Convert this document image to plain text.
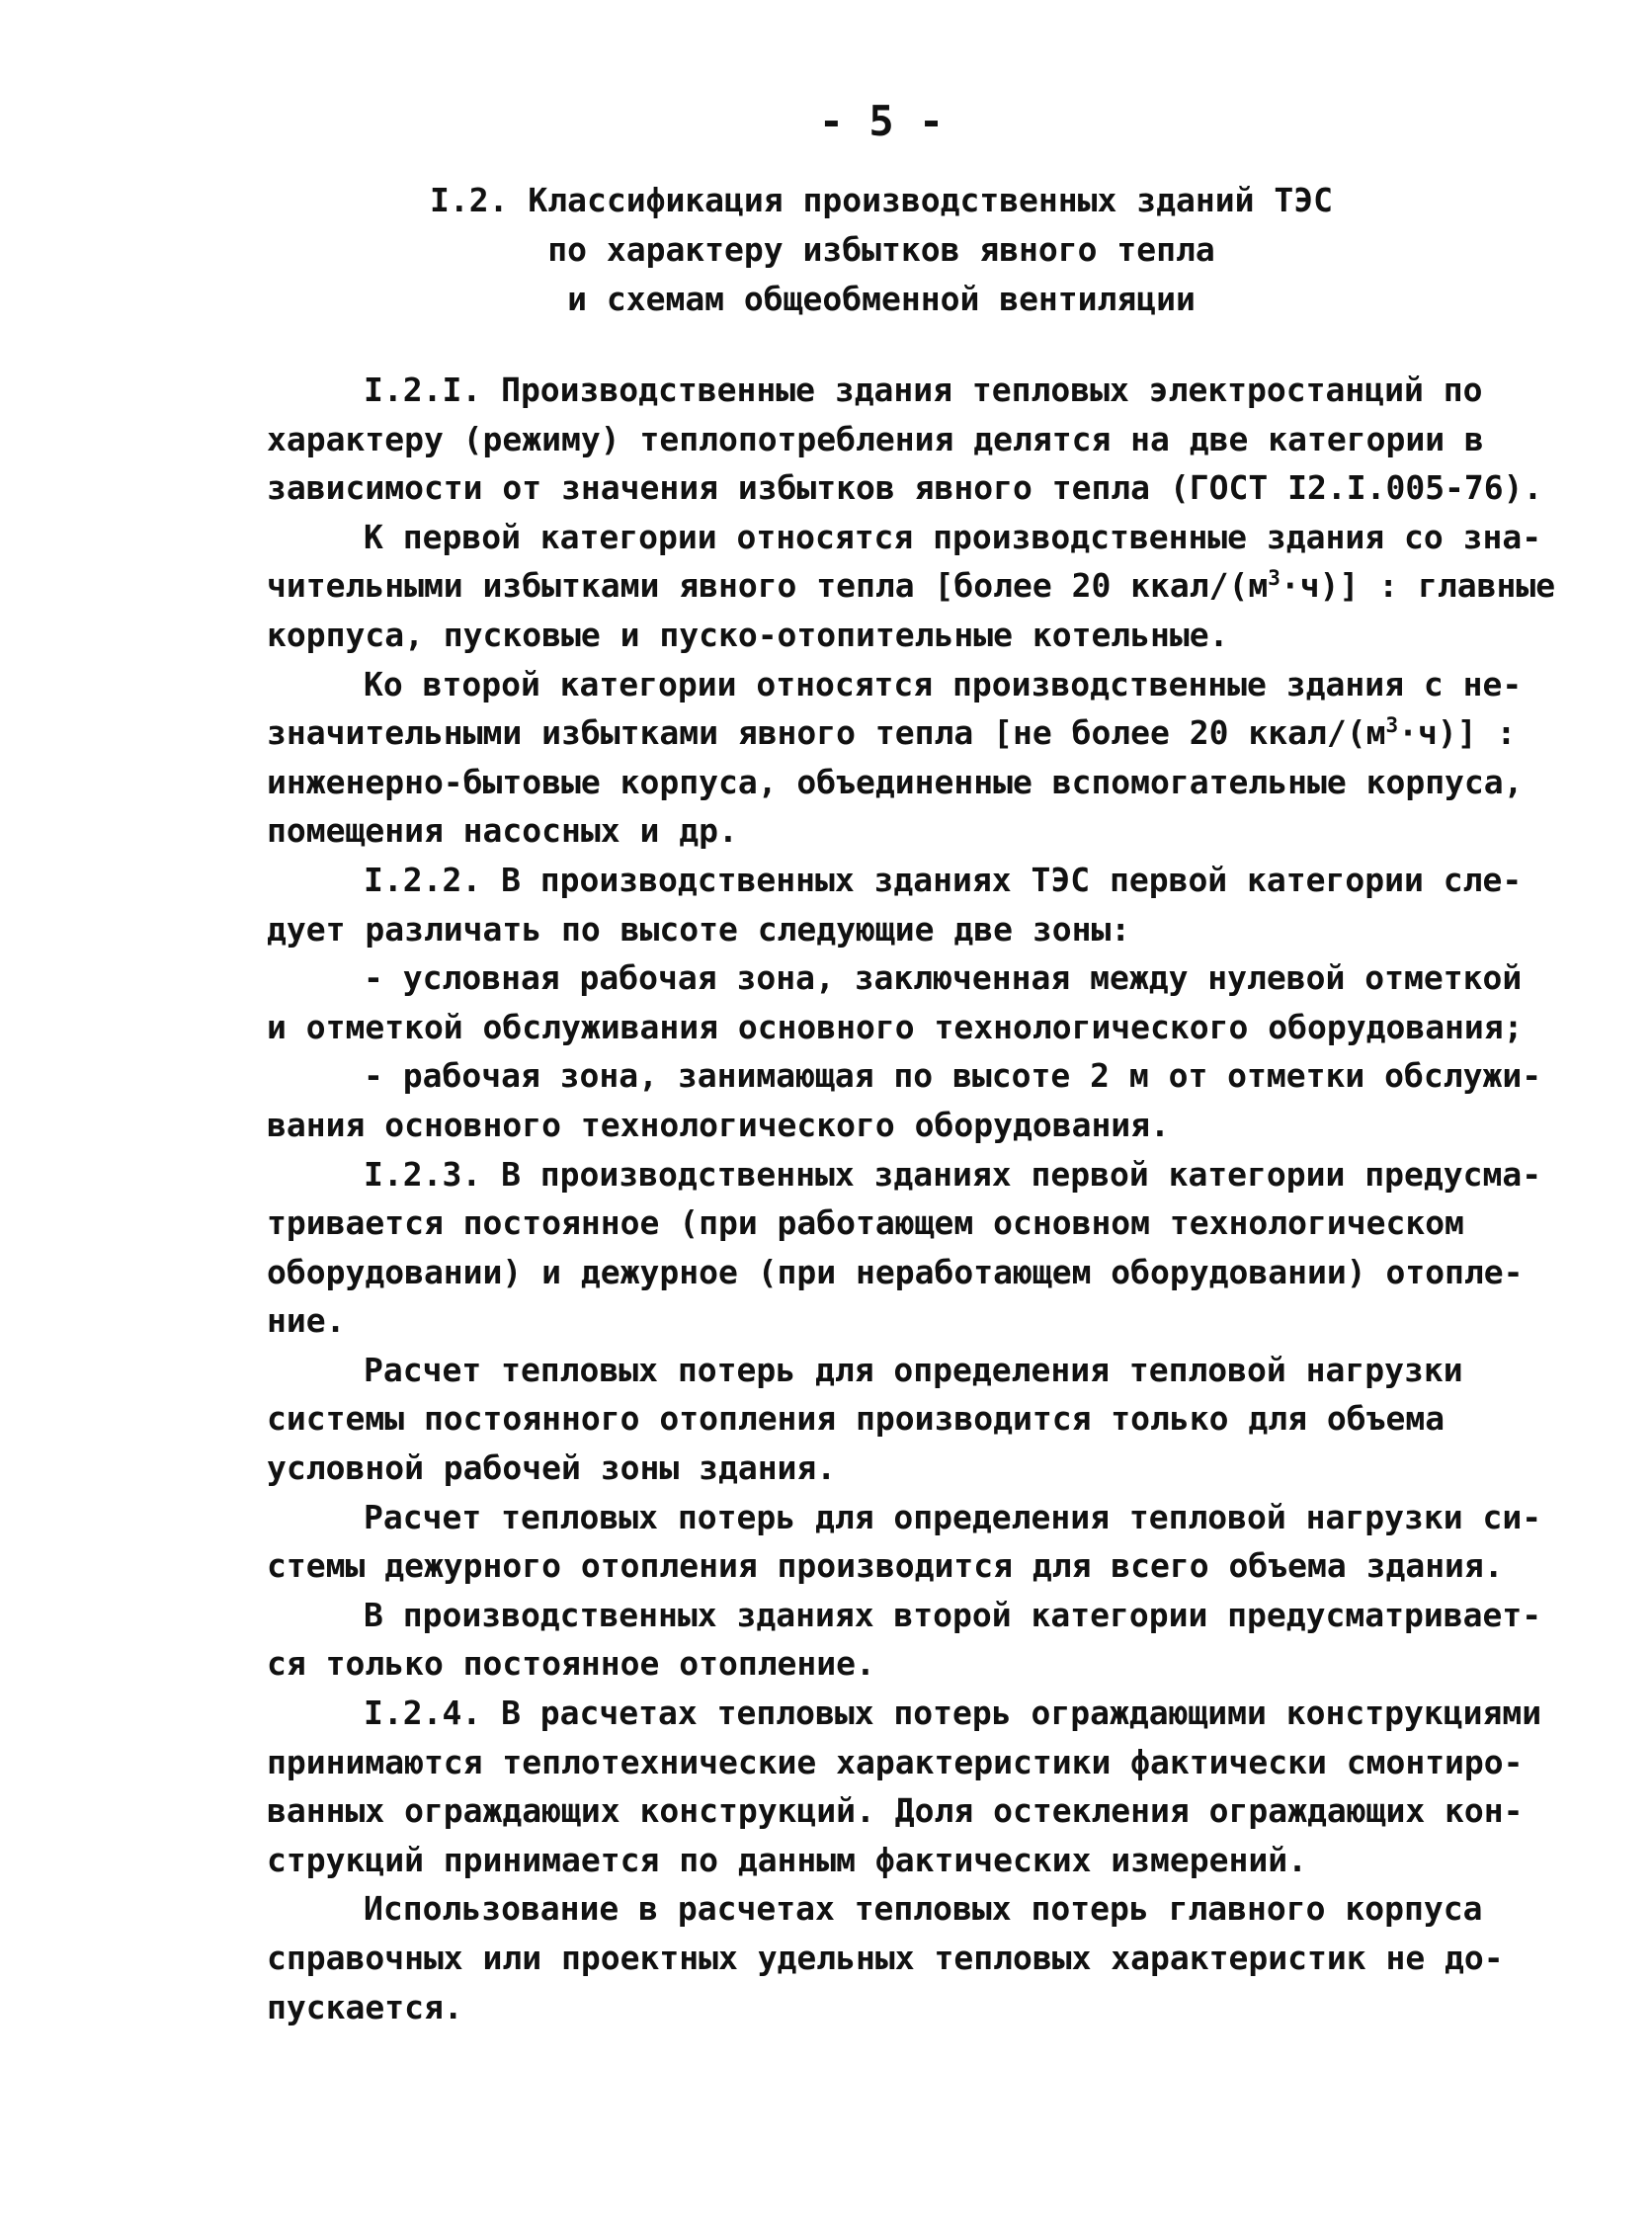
- 5 -
I.2. Классификация производственных зданий ТЭС
по характеру избытков явного тепла
и схемам общеобменной вентиляции
I.2.I. Производственные здания тепловых электростанций по
характеру (режиму) теплопотребления делятся на две категории в
зависимости от значения избытков явного тепла (ГОСТ I2.I.005-76).
К первой категории относятся производственные здания со зна-
чительными избытками явного тепла [более 20 ккал/$(м^3\cdot ч)$] : главные
корпуса, пусковые и пуско-отопительные котельные.
Ко второй категории относятся производственные здания с не-
значительными избытками явного тепла [не более 20 ккал/$(м^3\cdot ч)$] :
инженерно-бытовые корпуса, объединенные вспомогательные корпуса,
помещения насосных и др.
I.2.2. В производственных зданиях ТЭС первой категории сле-
дует различать по высоте следующие две зоны:
- условная рабочая зона, заключенная между нулевой отметкой
и отметкой обслуживания основного технологического оборудования;
- рабочая зона, занимающая по высоте 2 м от отметки обслужи-
вания основного технологического оборудования.
I.2.3. В производственных зданиях первой категории предусма-
тривается постоянное (при работающем основном технологическом
оборудовании) и дежурное (при неработающем оборудовании) отопле-
ние.
Расчет тепловых потерь для определения тепловой нагрузки
системы постоянного отопления производится только для объема
условной рабочей зоны здания.
Расчет тепловых потерь для определения тепловой нагрузки си-
стемы дежурного отопления производится для всего объема здания.
В производственных зданиях второй категории предусматривает-
ся только постоянное отопление.
I.2.4. В расчетах тепловых потерь ограждающими конструкциями
принимаются теплотехнические характеристики фактически смонтиро-
ванных ограждающих конструкций. Доля остекления ограждающих кон-
струкций принимается по данным фактических измерений.
Использование в расчетах тепловых потерь главного корпуса
справочных или проектных удельных тепловых характеристик не до-
пускается.
